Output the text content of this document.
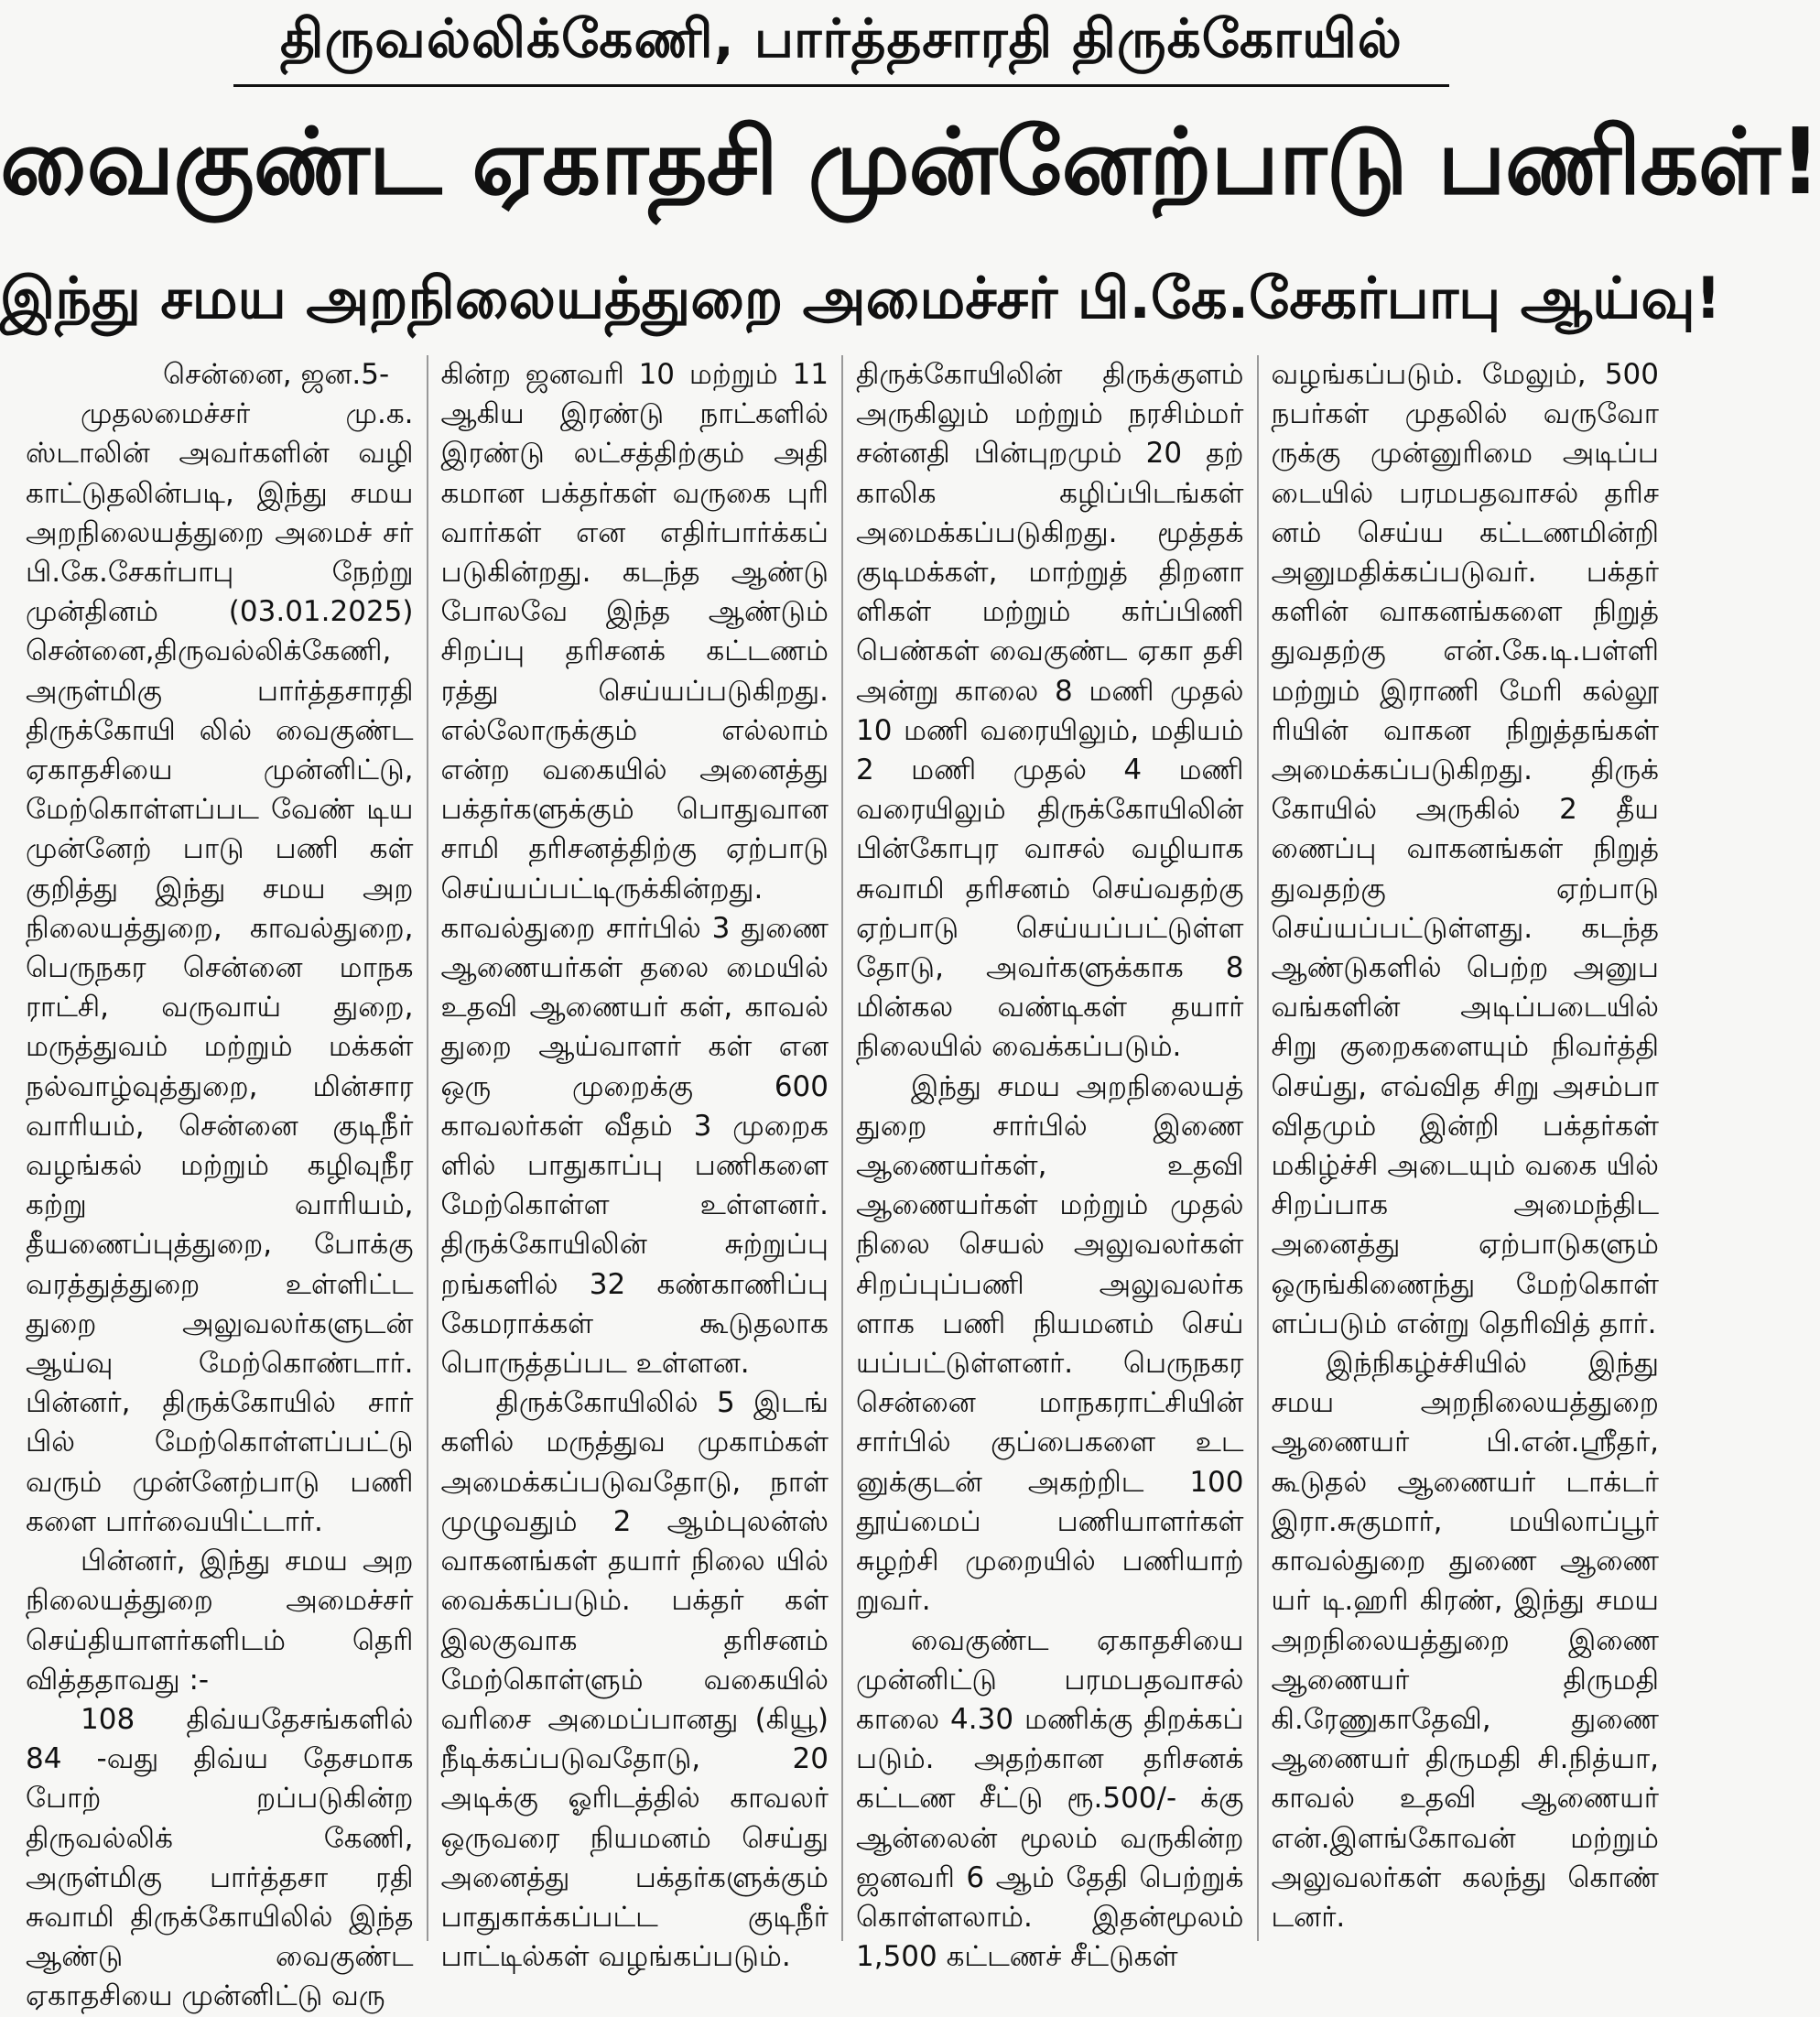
திருவல்லிக்கேணி, பார்த்தசாரதி திருக்கோயில்
வைகுண்ட ஏகாதசி முன்னேற்பாடு பணிகள்!
இந்து சமய அறநிலையத்துறை அமைச்சர் பி.கே.சேகர்பாபு ஆய்வு!

சென்னை, ஜன.5-

முதலமைச்சர் மு.க. ஸ்டாலின் அவர்களின் வழி காட்டுதலின்படி, இந்து சமய அறநிலையத்துறை அமைச் சர் பி.கே.சேகர்பாபு நேற்று முன்தினம் (03.01.2025) சென்னை,திருவல்லிக்கேணி, அருள்மிகு பார்த்தசாரதி திருக்கோயி லில் வைகுண்ட ஏகாதசியை முன்னிட்டு, மேற்கொள்ளப்பட வேண் டிய முன்னேற் பாடு பணி கள் குறித்து இந்து சமய அற நிலையத்துறை, காவல்துறை, பெருநகர சென்னை மாநக ராட்சி, வருவாய் துறை, மருத்துவம் மற்றும் மக்கள் நல்வாழ்வுத்துறை, மின்சார வாரியம், சென்னை குடிநீர் வழங்கல் மற்றும் கழிவுநீர கற்று வாரியம், தீயணைப்புத்துறை, போக்கு வரத்துத்துறை உள்ளிட்ட துறை அலுவலர்களுடன் ஆய்வு மேற்கொண்டார். பின்னர், திருக்கோயில் சார் பில் மேற்கொள்ளப்பட்டு வரும் முன்னேற்பாடு பணி களை பார்வையிட்டார்.

பின்னர், இந்து சமய அற நிலையத்துறை அமைச்சர் செய்தியாளர்களிடம் தெரி வித்ததாவது :-

108 திவ்யதேசங்களில் 84 -வது திவ்ய தேசமாக போற் றப்படுகின்ற திருவல்லிக் கேணி, அருள்மிகு பார்த்தசா ரதி சுவாமி திருக்கோயிலில் இந்த ஆண்டு வைகுண்ட ஏகாதசியை முன்னிட்டு வரு

கின்ற ஜனவரி 10 மற்றும் 11 ஆகிய இரண்டு நாட்களில் இரண்டு லட்சத்திற்கும் அதி கமான பக்தர்கள் வருகை புரி வார்கள் என எதிர்பார்க்கப் படுகின்றது. கடந்த ஆண்டு போலவே இந்த ஆண்டும் சிறப்பு தரிசனக் கட்டணம் ரத்து செய்யப்படுகிறது. எல்லோருக்கும் எல்லாம் என்ற வகையில் அனைத்து பக்தர்களுக்கும் பொதுவான சாமி தரிசனத்திற்கு ஏற்பாடு செய்யப்பட்டிருக்கின்றது. காவல்துறை சார்பில் 3 துணை ஆணையர்கள் தலை மையில் உதவி ஆணையர் கள், காவல் துறை ஆய்வாளர் கள் என ஒரு முறைக்கு 600 காவலர்கள் வீதம் 3 முறைக ளில் பாதுகாப்பு பணிகளை மேற்கொள்ள உள்ளனர். திருக்கோயிலின் சுற்றுப்பு றங்களில் 32 கண்காணிப்பு கேமராக்கள் கூடுதலாக பொருத்தப்பட உள்ளன.

திருக்கோயிலில் 5 இடங் களில் மருத்துவ முகாம்கள் அமைக்கப்படுவதோடு, நாள் முழுவதும் 2 ஆம்புலன்ஸ் வாகனங்கள் தயார் நிலை யில் வைக்கப்படும். பக்தர் கள் இலகுவாக தரிசனம் மேற்கொள்ளும் வகையில் வரிசை அமைப்பானது (கியூ) நீடிக்கப்படுவதோடு, 20 அடிக்கு ஓரிடத்தில் காவலர் ஒருவரை நியமனம் செய்து அனைத்து பக்தர்களுக்கும் பாதுகாக்கப்பட்ட குடிநீர் பாட்டில்கள் வழங்கப்படும்.

திருக்கோயிலின் திருக்குளம் அருகிலும் மற்றும் நரசிம்மர் சன்னதி பின்புறமும் 20 தற் காலிக கழிப்பிடங்கள் அமைக்கப்படுகிறது. மூத்தக் குடிமக்கள், மாற்றுத் திறனா ளிகள் மற்றும் கர்ப்பிணி பெண்கள் வைகுண்ட ஏகா தசி அன்று காலை 8 மணி முதல் 10 மணி வரையிலும், மதியம் 2 மணி முதல் 4 மணி வரையிலும் திருக்கோயிலின் பின்கோபுர வாசல் வழியாக சுவாமி தரிசனம் செய்வதற்கு ஏற்பாடு செய்யப்பட்டுள்ள தோடு, அவர்களுக்காக 8 மின்கல வண்டிகள் தயார் நிலையில் வைக்கப்படும்.

இந்து சமய அறநிலையத் துறை சார்பில் இணை ஆணையர்கள், உதவி ஆணையர்கள் மற்றும் முதல் நிலை செயல் அலுவலர்கள் சிறப்புப்பணி அலுவலர்க ளாக பணி நியமனம் செய் யப்பட்டுள்ளனர். பெருநகர சென்னை மாநகராட்சியின் சார்பில் குப்பைகளை உட னுக்குடன் அகற்றிட 100 தூய்மைப் பணியாளர்கள் சுழற்சி முறையில் பணியாற் றுவர்.

வைகுண்ட ஏகாதசியை முன்னிட்டு பரமபதவாசல் காலை 4.30 மணிக்கு திறக்கப் படும். அதற்கான தரிசனக் கட்டண சீட்டு ரூ.500/- க்கு ஆன்லைன் மூலம் வருகின்ற ஜனவரி 6 ஆம் தேதி பெற்றுக் கொள்ளலாம். இதன்மூலம் 1,500 கட்டணச் சீட்டுகள்

வழங்கப்படும். மேலும், 500 நபர்கள் முதலில் வருவோ ருக்கு முன்னுரிமை அடிப்ப டையில் பரமபதவாசல் தரிச னம் செய்ய கட்டணமின்றி அனுமதிக்கப்படுவர். பக்தர் களின் வாகனங்களை நிறுத் துவதற்கு என்.கே.டி.பள்ளி மற்றும் இராணி மேரி கல்லூ ரியின் வாகன நிறுத்தங்கள் அமைக்கப்படுகிறது. திருக் கோயில் அருகில் 2 தீய ணைப்பு வாகனங்கள் நிறுத் துவதற்கு ஏற்பாடு செய்யப்பட்டுள்ளது. கடந்த ஆண்டுகளில் பெற்ற அனுப வங்களின் அடிப்படையில் சிறு குறைகளையும் நிவர்த்தி செய்து, எவ்வித சிறு அசம்பா விதமும் இன்றி பக்தர்கள் மகிழ்ச்சி அடையும் வகை யில் சிறப்பாக அமைந்திட அனைத்து ஏற்பாடுகளும் ஒருங்கிணைந்து மேற்கொள் ளப்படும் என்று தெரிவித் தார்.

இந்நிகழ்ச்சியில் இந்து சமய அறநிலையத்துறை ஆணையர் பி.என்.ஸ்ரீதர், கூடுதல் ஆணையர் டாக்டர் இரா.சுகுமார், மயிலாப்பூர் காவல்துறை துணை ஆணை யர் டி.ஹரி கிரண், இந்து சமய அறநிலையத்துறை இணை ஆணையர் திருமதி கி.ரேணுகாதேவி, துணை ஆணையர் திருமதி சி.நித்யா, காவல் உதவி ஆணையர் என்.இளங்கோவன் மற்றும் அலுவலர்கள் கலந்து கொண் டனர்.
